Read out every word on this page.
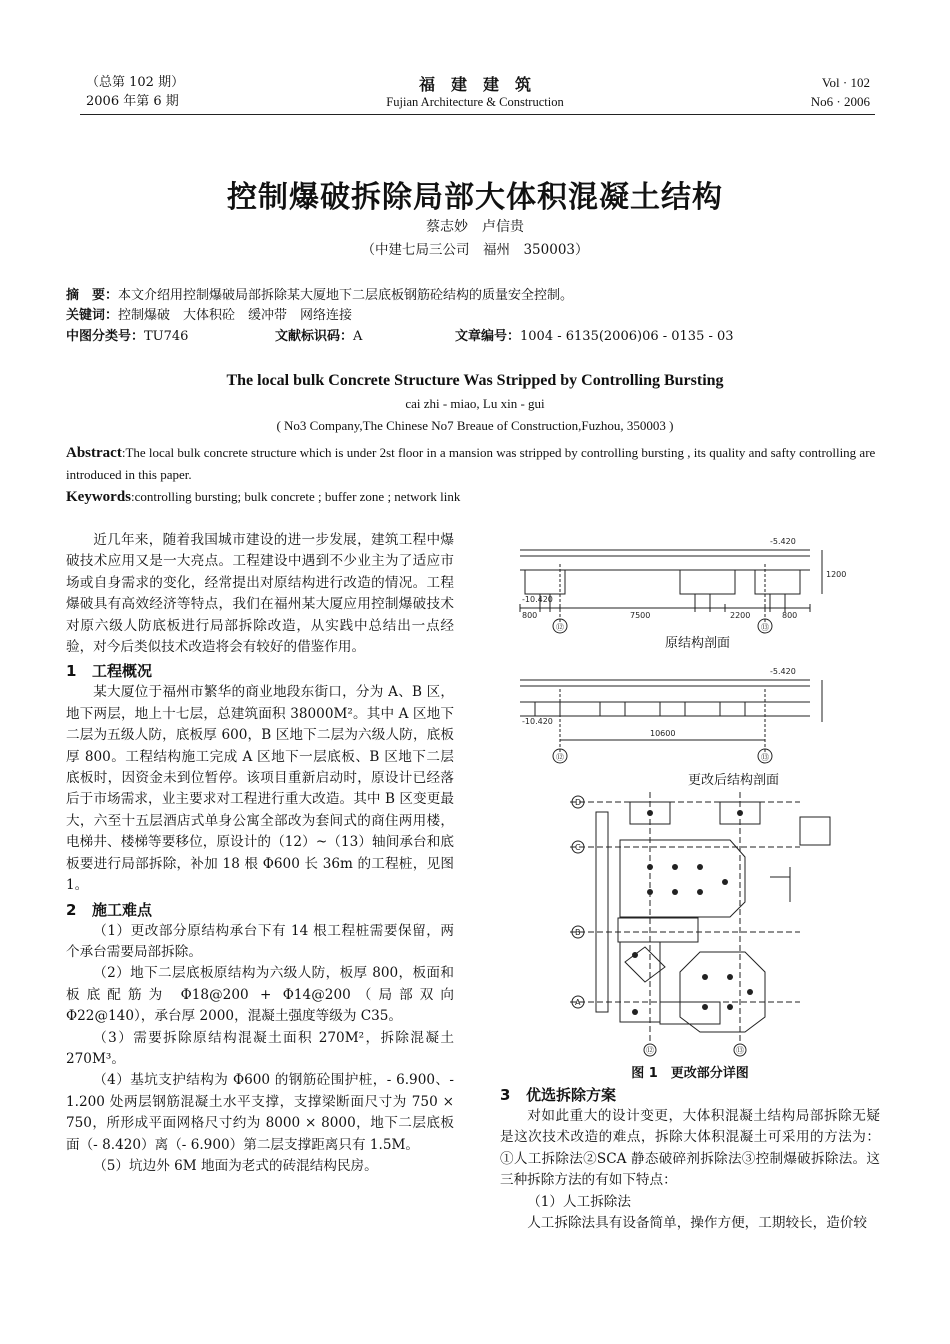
（总第 102 期）
2006 年第 6 期
福　建　建　筑
Fujian Architecture & Construction
Vol · 102
No6 · 2006
控制爆破拆除局部大体积混凝土结构
蔡志妙　卢信贵
（中建七局三公司　福州　350003）
摘　要：本文介绍用控制爆破局部拆除某大厦地下二层底板钢筋砼结构的质量安全控制。
关键词：控制爆破　大体积砼　缓冲带　网络连接
中图分类号：TU746	文献标识码：A	文章编号：1004 - 6135(2006)06 - 0135 - 03
The local bulk Concrete Structure Was Stripped by Controlling Bursting
cai zhi - miao, Lu xin - gui
( No3 Company,The Chinese No7 Breaue of Construction,Fuzhou, 350003 )
Abstract:The local bulk concrete structure which is under 2st floor in a mansion was stripped by controlling bursting , its quality and safty controlling are introduced in this paper.
Keywords:controlling bursting; bulk concrete ; buffer zone ; network link

近几年来，随着我国城市建设的进一步发展，建筑工程中爆破技术应用又是一大亮点。工程建设中遇到不少业主为了适应市场或自身需求的变化，经常提出对原结构进行改造的情况。工程爆破具有高效经济等特点，我们在福州某大厦应用控制爆破技术对原六级人防底板进行局部拆除改造，从实践中总结出一点经验，对今后类似技术改造将会有较好的借鉴作用。

1 工程概况

某大厦位于福州市繁华的商业地段东街口，分为 A、B 区，地下两层，地上十七层，总建筑面积 38000M²。其中 A 区地下二层为五级人防，底板厚 600，B 区地下二层为六级人防，底板厚 800。工程结构施工完成 A 区地下一层底板、B 区地下二层底板时，因资金未到位暂停。该项目重新启动时，原设计已经落后于市场需求，业主要求对工程进行重大改造。其中 B 区变更最大，六至十五层酒店式单身公寓全部改为套间式的商住两用楼，电梯井、楼梯等要移位，原设计的（12）~（13）轴间承台和底板要进行局部拆除，补加 18 根 Φ600 长 36m 的工程桩，见图 1。

2 施工难点

（1）更改部分原结构承台下有 14 根工程桩需要保留，两个承台需要局部拆除。

（2）地下二层底板原结构为六级人防，板厚 800，板面和板底配筋为 Φ18@200 + Φ14@200（局部双向 Φ22@140），承台厚 2000，混凝土强度等级为 C35。

（3）需要拆除原结构混凝土面积 270M²，拆除混凝土 270M³。

（4）基坑支护结构为 Φ600 的钢筋砼围护桩，- 6.900、- 1.200 处两层钢筋混凝土水平支撑，支撑梁断面尺寸为 750 × 750，所形成平面网格尺寸约为 8000 × 8000，地下二层底板面（- 8.420）离（- 6.900）第二层支撑距离只有 1.5M。

（5）坑边外 6M 地面为老式的砖混结构民房。

-5.420
-10.420
800	7500	2200	800
1200
⑫	⑬
-5.420
-10.420
10600
⑫	⑬
D
C
B
A
⑫	⑬
原结构剖面
更改后结构剖面
图 1　更改部分详图
3 优选拆除方案

对如此重大的设计变更，大体积混凝土结构局部拆除无疑是这次技术改造的难点，拆除大体积混凝土可采用的方法为：①人工拆除法②SCA 静态破碎剂拆除法③控制爆破拆除法。这三种拆除方法的有如下特点：

（1）人工拆除法

人工拆除法具有设备简单，操作方便，工期较长，造价较
